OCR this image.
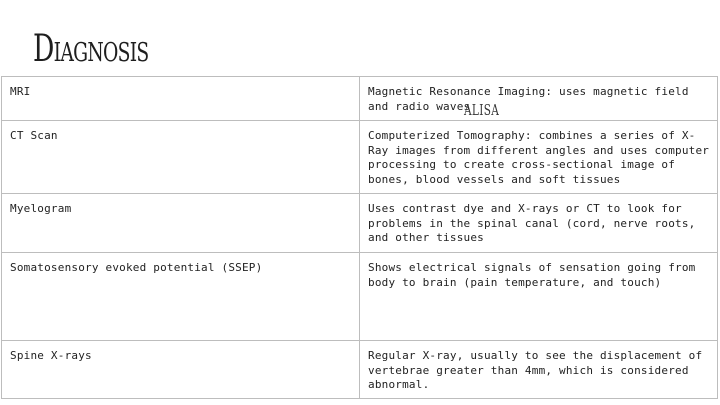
Diagnosis
MRI	Magnetic Resonance Imaging: uses magnetic field and radio waves
CT Scan	Computerized Tomography: combines a series of X-Ray images from different angles and uses computer processing to create cross-sectional image of bones, blood vessels and soft tissues
Myelogram	Uses contrast dye and X-rays or CT to look for problems in the spinal canal (cord, nerve roots, and other tissues
Somatosensory evoked potential (SSEP)	Shows electrical signals of sensation going from body to brain (pain temperature, and touch)
Spine X-rays	Regular X-ray, usually to see the displacement of vertebrae greater than 4mm, which is considered abnormal.
ALISA
